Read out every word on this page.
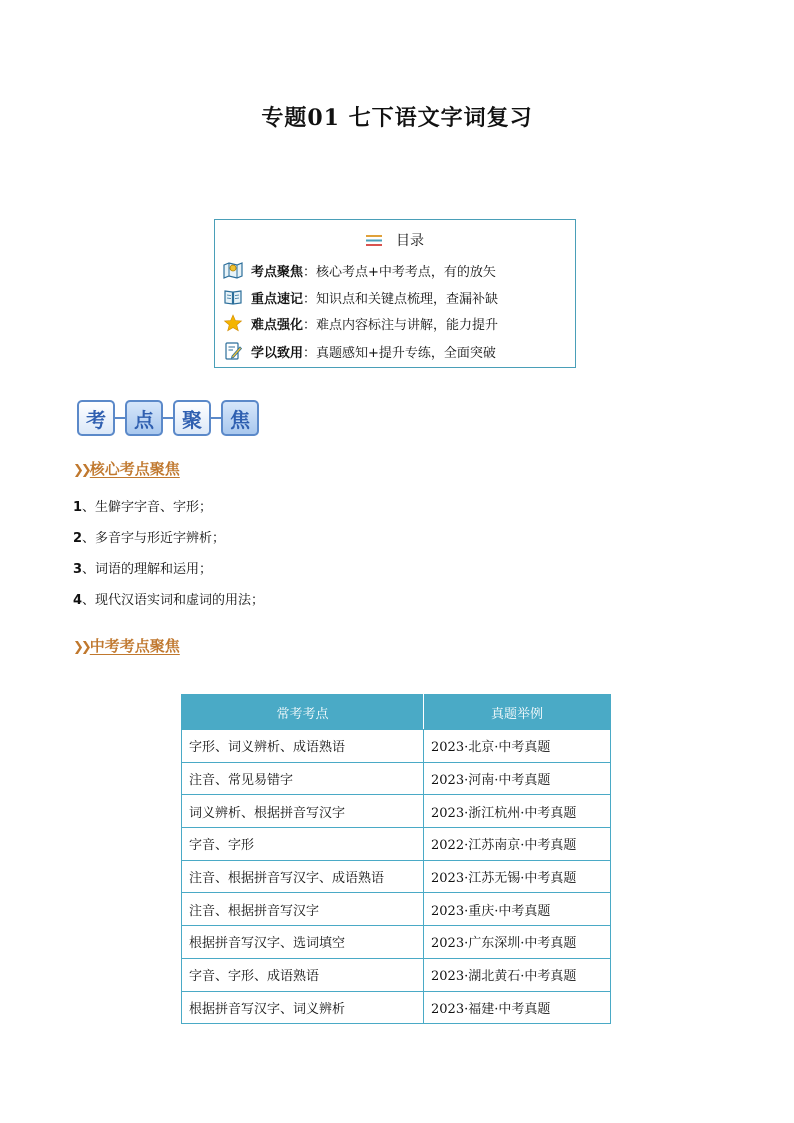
专题01 七下语文字词复习
目录
考点聚焦 ：核心考点+中考考点，有的放矢
重点速记 ：知识点和关键点梳理，查漏补缺
难点强化 ：难点内容标注与讲解，能力提升
学以致用 ：真题感知+提升专练，全面突破
考	点	聚	焦
❯❯核心考点聚焦
1、生僻字字音、字形；
2、多音字与形近字辨析；
3、词语的理解和运用；
4、现代汉语实词和虚词的用法；
❯❯中考考点聚焦
常考考点	真题举例
字形、词义辨析、成语熟语	2023·北京·中考真题
注音、常见易错字	2023·河南·中考真题
词义辨析、根据拼音写汉字	2023·浙江杭州·中考真题
字音、字形	2022·江苏南京·中考真题
注音、根据拼音写汉字、成语熟语	2023·江苏无锡·中考真题
注音、根据拼音写汉字	2023·重庆·中考真题
根据拼音写汉字、选词填空	2023·广东深圳·中考真题
字音、字形、成语熟语	2023·湖北黄石·中考真题
根据拼音写汉字、词义辨析	2023·福建·中考真题
